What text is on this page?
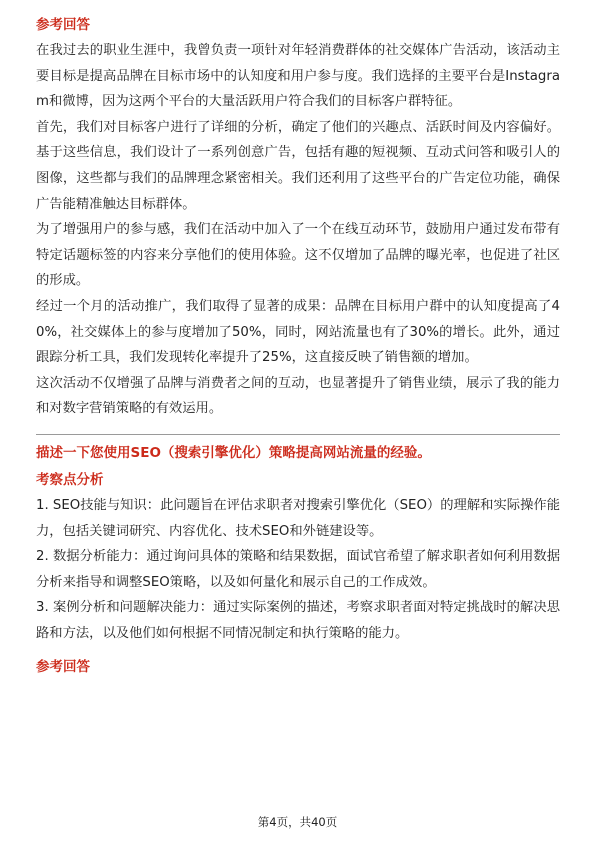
参考回答

在我过去的职业生涯中，我曾负责一项针对年轻消费群体的社交媒体广告活动，该活动主要目标是提高品牌在目标市场中的认知度和用户参与度。我们选择的主要平台是Instagram和微博，因为这两个平台的大量活跃用户符合我们的目标客户群特征。

首先，我们对目标客户进行了详细的分析，确定了他们的兴趣点、活跃时间及内容偏好。基于这些信息，我们设计了一系列创意广告，包括有趣的短视频、互动式问答和吸引人的图像，这些都与我们的品牌理念紧密相关。我们还利用了这些平台的广告定位功能，确保广告能精准触达目标群体。

为了增强用户的参与感，我们在活动中加入了一个在线互动环节，鼓励用户通过发布带有特定话题标签的内容来分享他们的使用体验。这不仅增加了品牌的曝光率，也促进了社区的形成。

经过一个月的活动推广，我们取得了显著的成果：品牌在目标用户群中的认知度提高了40%，社交媒体上的参与度增加了50%，同时，网站流量也有了30%的增长。此外，通过跟踪分析工具，我们发现转化率提升了25%，这直接反映了销售额的增加。

这次活动不仅增强了品牌与消费者之间的互动，也显著提升了销售业绩，展示了我的能力和对数字营销策略的有效运用。

描述一下您使用SEO（搜索引擎优化）策略提高网站流量的经验。
考察点分析

1. SEO技能与知识：此问题旨在评估求职者对搜索引擎优化（SEO）的理解和实际操作能力，包括关键词研究、内容优化、技术SEO和外链建设等。

2. 数据分析能力：通过询问具体的策略和结果数据，面试官希望了解求职者如何利用数据分析来指导和调整SEO策略，以及如何量化和展示自己的工作成效。

3. 案例分析和问题解决能力：通过实际案例的描述，考察求职者面对特定挑战时的解决思路和方法，以及他们如何根据不同情况制定和执行策略的能力。

参考回答
第4页，共40页
